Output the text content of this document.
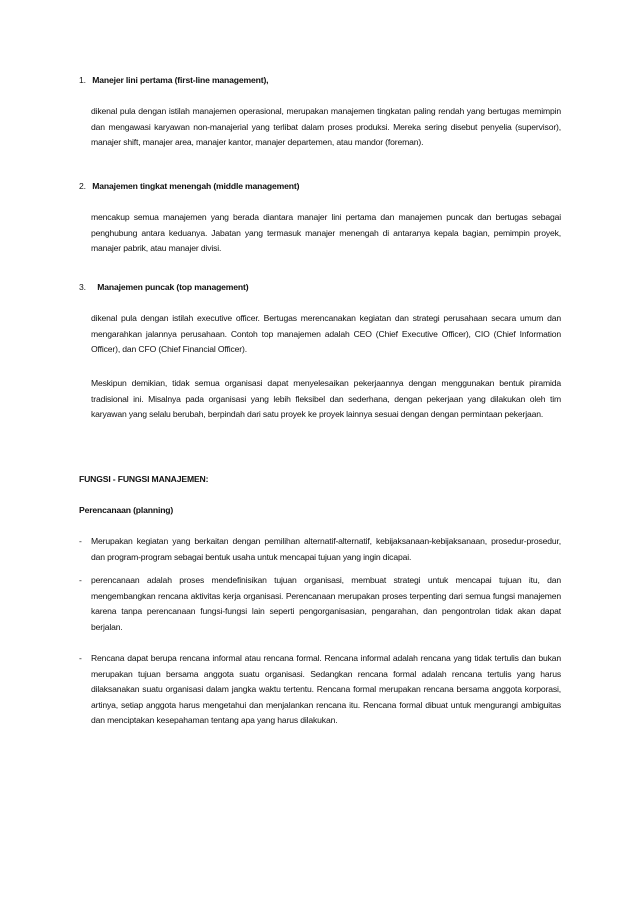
1. Manejer lini pertama (first-line management),

dikenal pula dengan istilah manajemen operasional, merupakan manajemen tingkatan paling rendah yang bertugas memimpin dan mengawasi karyawan non-manajerial yang terlibat dalam proses produksi. Mereka sering disebut penyelia (supervisor), manajer shift, manajer area, manajer kantor, manajer departemen, atau mandor (foreman).

2. Manajemen tingkat menengah (middle management)

mencakup semua manajemen yang berada diantara manajer lini pertama dan manajemen puncak dan bertugas sebagai penghubung antara keduanya. Jabatan yang termasuk manajer menengah di antaranya kepala bagian, pemimpin proyek, manajer pabrik, atau manajer divisi.

3. Manajemen puncak (top management)

dikenal pula dengan istilah executive officer. Bertugas merencanakan kegiatan dan strategi perusahaan secara umum dan mengarahkan jalannya perusahaan. Contoh top manajemen adalah CEO (Chief Executive Officer), CIO (Chief Information Officer), dan CFO (Chief Financial Officer).

Meskipun demikian, tidak semua organisasi dapat menyelesaikan pekerjaannya dengan menggunakan bentuk piramida tradisional ini. Misalnya pada organisasi yang lebih fleksibel dan sederhana, dengan pekerjaan yang dilakukan oleh tim karyawan yang selalu berubah, berpindah dari satu proyek ke proyek lainnya sesuai dengan dengan permintaan pekerjaan.

FUNGSI - FUNGSI MANAJEMEN:
Perencanaan (planning)
- Merupakan kegiatan yang berkaitan dengan pemilihan alternatif-alternatif, kebijaksanaan-kebijaksanaan, prosedur-prosedur, dan program-program sebagai bentuk usaha untuk mencapai tujuan yang ingin dicapai.

- perencanaan adalah proses mendefinisikan tujuan organisasi, membuat strategi untuk mencapai tujuan itu, dan mengembangkan rencana aktivitas kerja organisasi. Perencanaan merupakan proses terpenting dari semua fungsi manajemen karena tanpa perencanaan fungsi-fungsi lain seperti pengorganisasian, pengarahan, dan pengontrolan tidak akan dapat berjalan.

- Rencana dapat berupa rencana informal atau rencana formal. Rencana informal adalah rencana yang tidak tertulis dan bukan merupakan tujuan bersama anggota suatu organisasi. Sedangkan rencana formal adalah rencana tertulis yang harus dilaksanakan suatu organisasi dalam jangka waktu tertentu. Rencana formal merupakan rencana bersama anggota korporasi, artinya, setiap anggota harus mengetahui dan menjalankan rencana itu. Rencana formal dibuat untuk mengurangi ambiguitas dan menciptakan kesepahaman tentang apa yang harus dilakukan.
